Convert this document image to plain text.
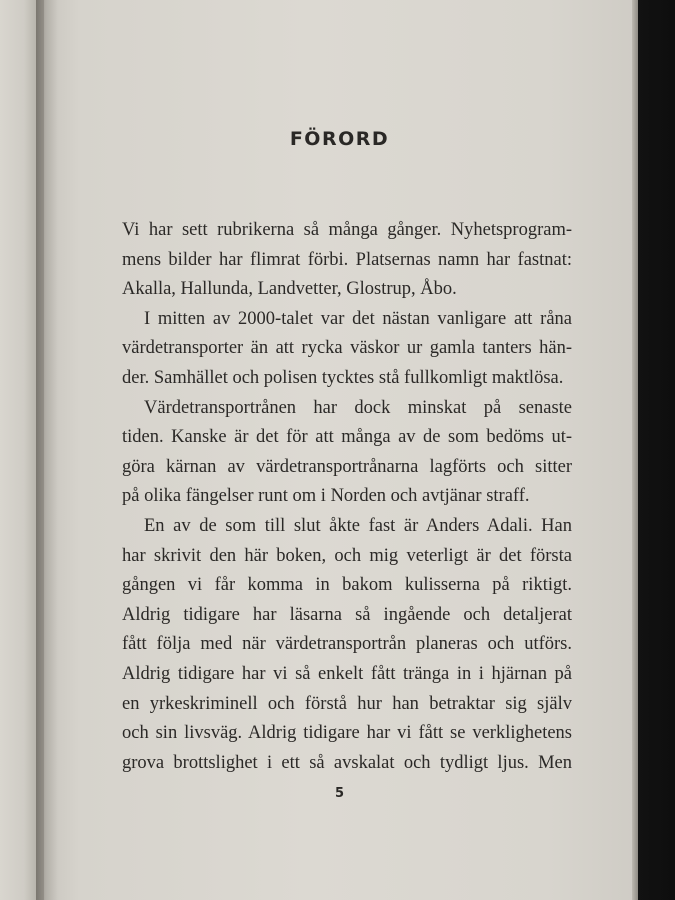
FÖRORD
Vi har sett rubrikerna så många gånger. Nyhetsprogram-
mens bilder har flimrat förbi. Platsernas namn har fastnat:
Akalla, Hallunda, Landvetter, Glostrup, Åbo.
I mitten av 2000-talet var det nästan vanligare att råna
värdetransporter än att rycka väskor ur gamla tanters hän-
der. Samhället och polisen tycktes stå fullkomligt maktlösa.
Värdetransportrånen har dock minskat på senaste
tiden. Kanske är det för att många av de som bedöms ut-
göra kärnan av värdetransportrånarna lagförts och sitter
på olika fängelser runt om i Norden och avtjänar straff.
En av de som till slut åkte fast är Anders Adali. Han
har skrivit den här boken, och mig veterligt är det första
gången vi får komma in bakom kulisserna på riktigt.
Aldrig tidigare har läsarna så ingående och detaljerat
fått följa med när värdetransportrån planeras och utförs.
Aldrig tidigare har vi så enkelt fått tränga in i hjärnan på
en yrkeskriminell och förstå hur han betraktar sig själv
och sin livsväg. Aldrig tidigare har vi fått se verklighetens
grova brottslighet i ett så avskalat och tydligt ljus. Men
5
